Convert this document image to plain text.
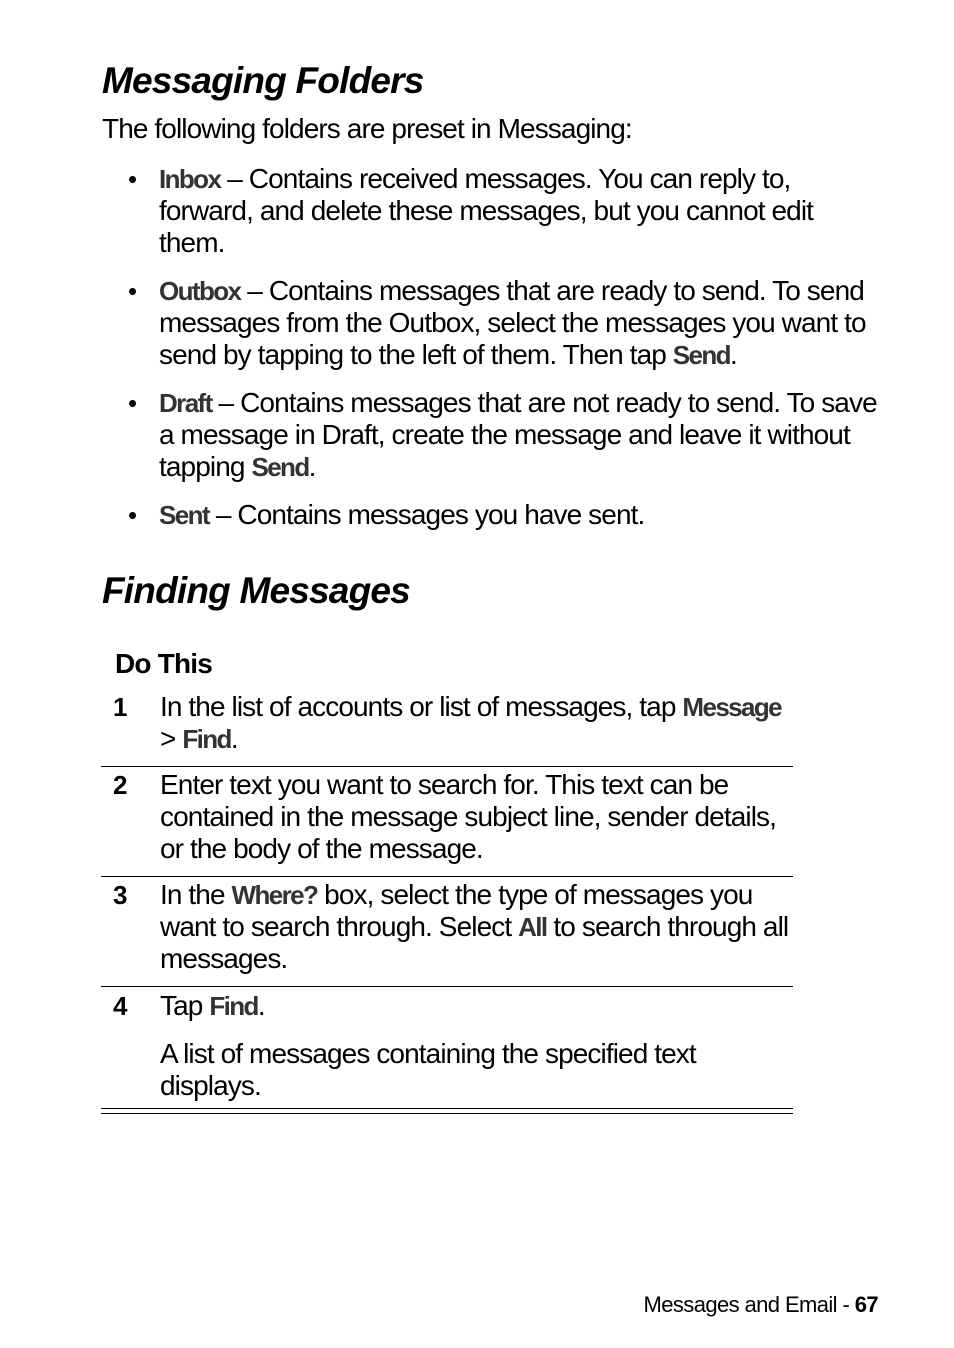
Messaging Folders
The following folders are preset in Messaging:
• Inbox – Contains received messages. You can reply to, forward, and delete these messages, but you cannot edit them.
• Outbox – Contains messages that are ready to send. To send messages from the Outbox, select the messages you want to send by tapping to the left of them. Then tap Send.
• Draft – Contains messages that are not ready to send. To save a message in Draft, create the message and leave it without tapping Send.
• Sent – Contains messages you have sent.
Finding Messages
Do This
1 In the list of accounts or list of messages, tap Message > Find.
2 Enter text you want to search for. This text can be contained in the message subject line, sender details, or the body of the message.
3 In the Where? box, select the type of messages you want to search through. Select All to search through all messages.
4 Tap Find.
A list of messages containing the specified text displays.
Messages and Email - 67
